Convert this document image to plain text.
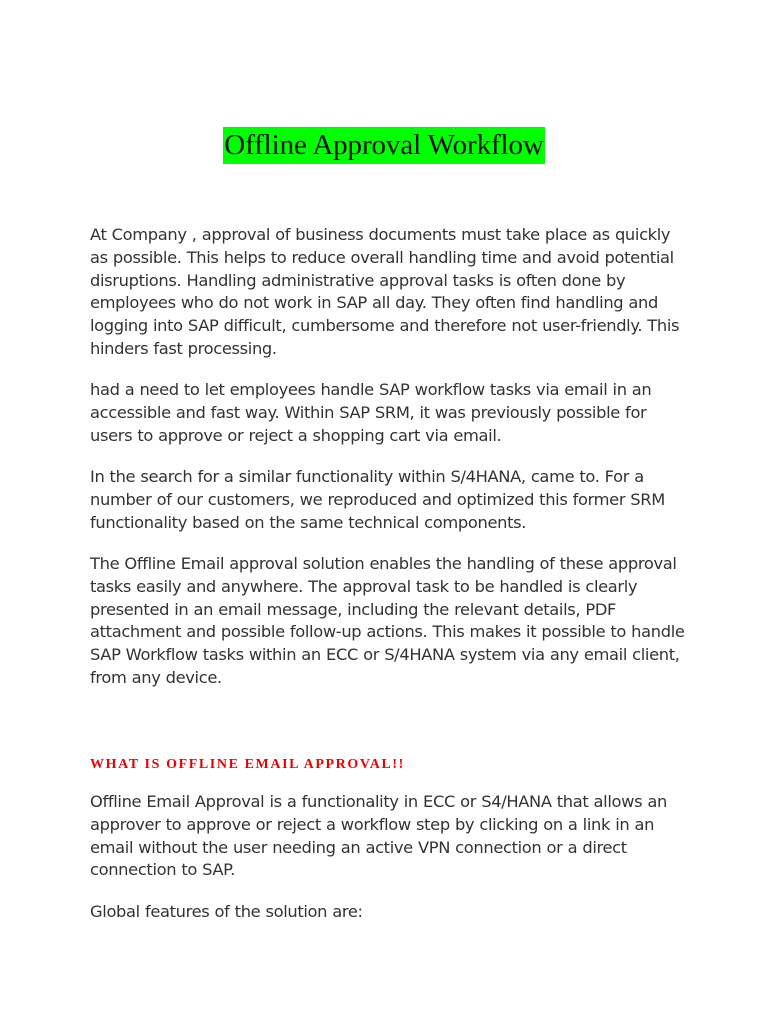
Offline Approval Workflow

At Company , approval of business documents must take place as quickly as possible. This helps to reduce overall handling time and avoid potential disruptions. Handling administrative approval tasks is often done by employees who do not work in SAP all day. They often find handling and logging into SAP difficult, cumbersome and therefore not user-friendly. This hinders fast processing.

had a need to let employees handle SAP workflow tasks via email in an accessible and fast way. Within SAP SRM, it was previously possible for users to approve or reject a shopping cart via email.

In the search for a similar functionality within S/4HANA, came to. For a number of our customers, we reproduced and optimized this former SRM functionality based on the same technical components.

The Offline Email approval solution enables the handling of these approval tasks easily and anywhere. The approval task to be handled is clearly presented in an email message, including the relevant details, PDF attachment and possible follow-up actions. This makes it possible to handle SAP Workflow tasks within an ECC or S/4HANA system via any email client, from any device.

WHAT IS OFFLINE EMAIL APPROVAL!!

Offline Email Approval is a functionality in ECC or S4/HANA that allows an approver to approve or reject a workflow step by clicking on a link in an email without the user needing an active VPN connection or a direct connection to SAP.

Global features of the solution are:
